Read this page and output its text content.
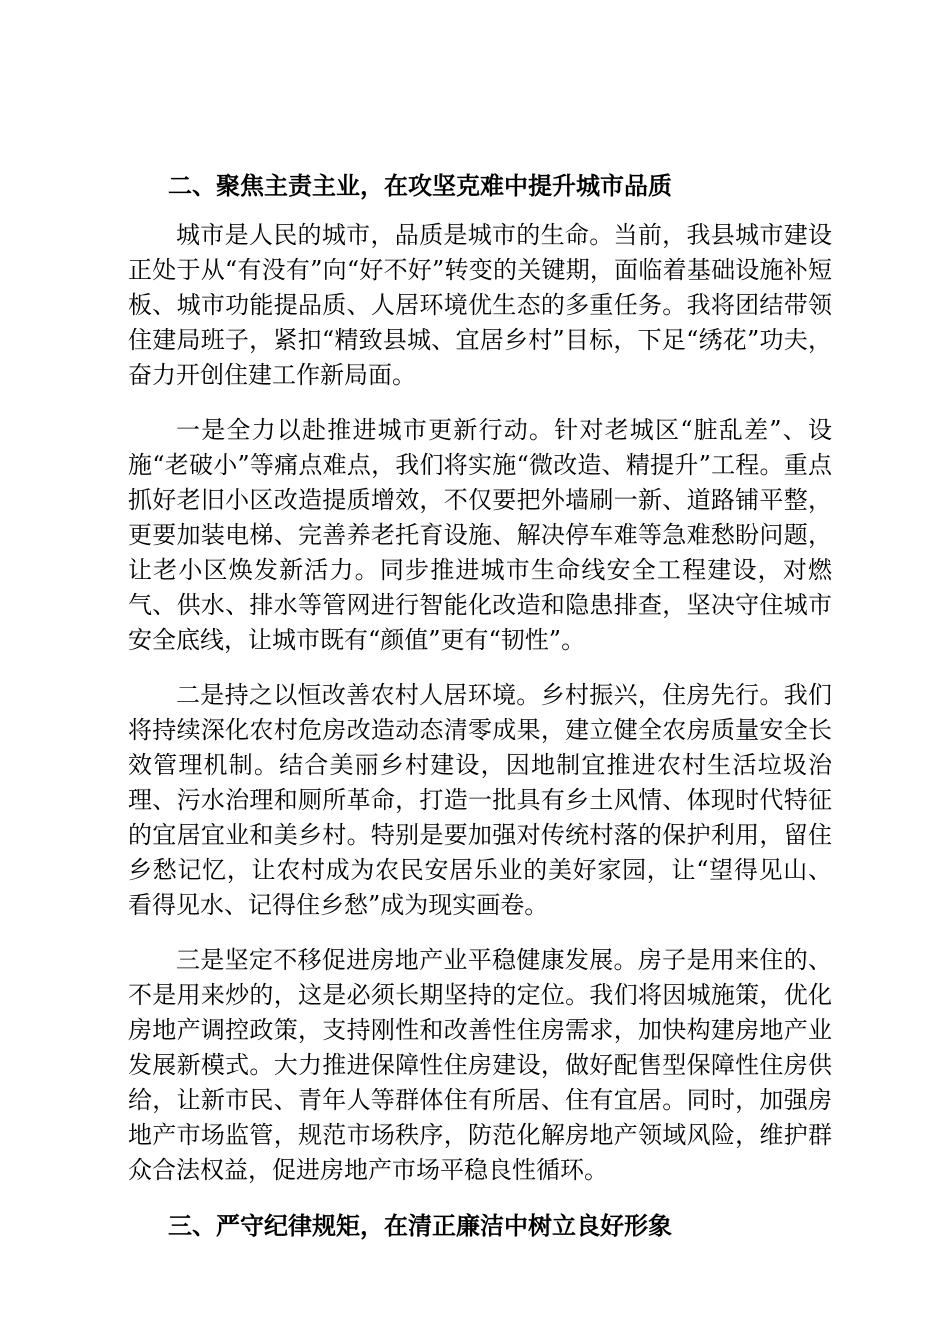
二、聚焦主责主业，在攻坚克难中提升城市品质

城市是人民的城市，品质是城市的生命。当前，我县城市建设正处于从“有没有”向“好不好”转变的关键期，面临着基础设施补短板、城市功能提品质、人居环境优生态的多重任务。我将团结带领住建局班子，紧扣“精致县城、宜居乡村”目标，下足“绣花”功夫，奋力开创住建工作新局面。

一是全力以赴推进城市更新行动。针对老城区“脏乱差”、设施“老破小”等痛点难点，我们将实施“微改造、精提升”工程。重点抓好老旧小区改造提质增效，不仅要把外墙刷一新、道路铺平整，更要加装电梯、完善养老托育设施、解决停车难等急难愁盼问题，让老小区焕发新活力。同步推进城市生命线安全工程建设，对燃气、供水、排水等管网进行智能化改造和隐患排查，坚决守住城市安全底线，让城市既有“颜值”更有“韧性”。

二是持之以恒改善农村人居环境。乡村振兴，住房先行。我们将持续深化农村危房改造动态清零成果，建立健全农房质量安全长效管理机制。结合美丽乡村建设，因地制宜推进农村生活垃圾治理、污水治理和厕所革命，打造一批具有乡土风情、体现时代特征的宜居宜业和美乡村。特别是要加强对传统村落的保护利用，留住乡愁记忆，让农村成为农民安居乐业的美好家园，让“望得见山、看得见水、记得住乡愁”成为现实画卷。

三是坚定不移促进房地产业平稳健康发展。房子是用来住的、不是用来炒的，这是必须长期坚持的定位。我们将因城施策，优化房地产调控政策，支持刚性和改善性住房需求，加快构建房地产业发展新模式。大力推进保障性住房建设，做好配售型保障性住房供给，让新市民、青年人等群体住有所居、住有宜居。同时，加强房地产市场监管，规范市场秩序，防范化解房地产领域风险，维护群众合法权益，促进房地产市场平稳良性循环。

三、严守纪律规矩，在清正廉洁中树立良好形象
